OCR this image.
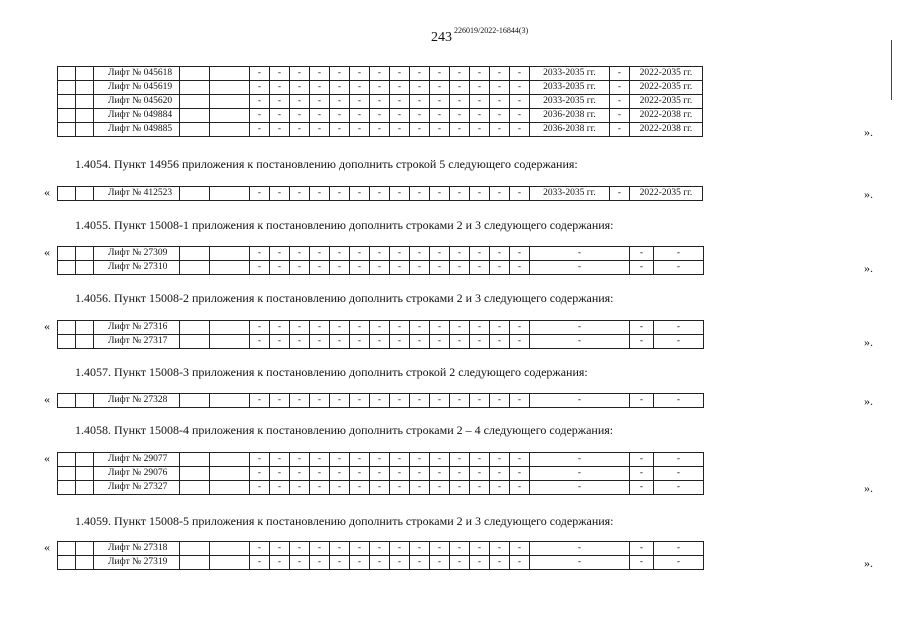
243 226019/2022-16844(3)
		Лифт № 045618			-	-	-	-	-	-	-	-	-	-	-	-	-	-	2033-2035 гг.	-	2022-2035 гг.
		Лифт № 045619			-	-	-	-	-	-	-	-	-	-	-	-	-	-	2033-2035 гг.	-	2022-2035 гг.
		Лифт № 045620			-	-	-	-	-	-	-	-	-	-	-	-	-	-	2033-2035 гг.	-	2022-2035 гг.
		Лифт № 049884			-	-	-	-	-	-	-	-	-	-	-	-	-	-	2036-2038 гг.	-	2022-2038 гг.
		Лифт № 049885			-	-	-	-	-	-	-	-	-	-	-	-	-	-	2036-2038 гг.	-	2022-2038 гг.	».
1.4054. Пункт 14956 приложения к постановлению дополнить строкой 5 следующего содержания:
		Лифт № 412523			-	-	-	-	-	-	-	-	-	-	-	-	-	-	2033-2035 гг.	-	2022-2035 гг.
«	».
1.4055. Пункт 15008-1 приложения к постановлению дополнить строками 2 и 3 следующего содержания:
		Лифт № 27309			-	-	-	-	-	-	-	-	-	-	-	-	-	-	-	-	-
		Лифт № 27310			-	-	-	-	-	-	-	-	-	-	-	-	-	-	-	-	-
«
».
1.4056. Пункт 15008-2 приложения к постановлению дополнить строками 2 и 3 следующего содержания:
		Лифт № 27316			-	-	-	-	-	-	-	-	-	-	-	-	-	-	-	-	-
		Лифт № 27317			-	-	-	-	-	-	-	-	-	-	-	-	-	-	-	-	-
«
».
1.4057. Пункт 15008-3 приложения к постановлению дополнить строкой 2 следующего содержания:
		Лифт № 27328			-	-	-	-	-	-	-	-	-	-	-	-	-	-	-	-	-
«	».
1.4058. Пункт 15008-4 приложения к постановлению дополнить строками 2 – 4 следующего содержания:
		Лифт № 29077			-	-	-	-	-	-	-	-	-	-	-	-	-	-	-	-	-
		Лифт № 29076			-	-	-	-	-	-	-	-	-	-	-	-	-	-	-	-	-
		Лифт № 27327			-	-	-	-	-	-	-	-	-	-	-	-	-	-	-	-	-
«
».
1.4059. Пункт 15008-5 приложения к постановлению дополнить строками 2 и 3 следующего содержания:
		Лифт № 27318			-	-	-	-	-	-	-	-	-	-	-	-	-	-	-	-	-
		Лифт № 27319			-	-	-	-	-	-	-	-	-	-	-	-	-	-	-	-	-
«
».
